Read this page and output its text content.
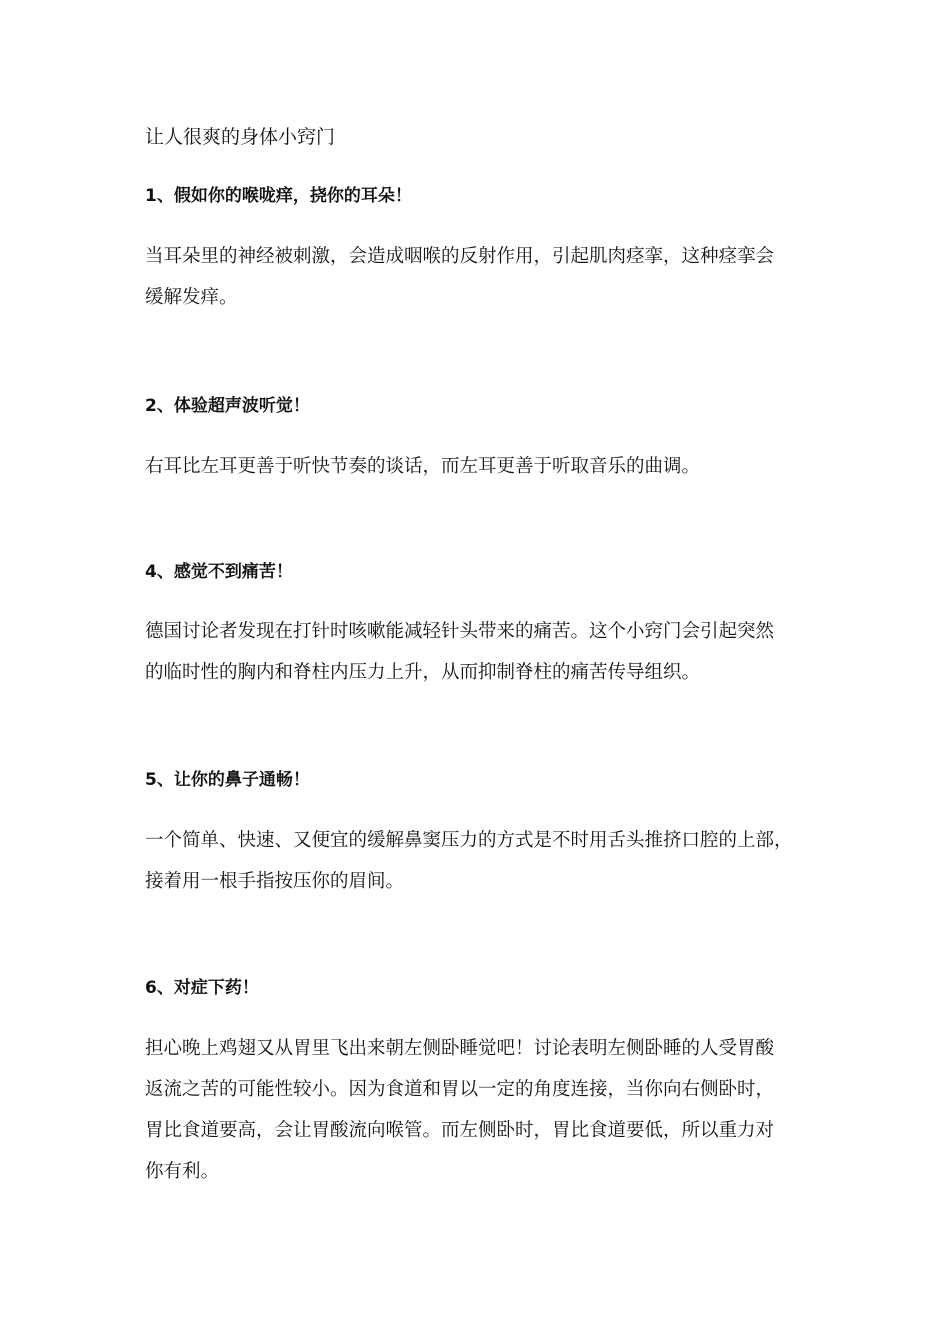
让人很爽的身体小窍门
1、假如你的喉咙痒，挠你的耳朵！
当耳朵里的神经被刺激，会造成咽喉的反射作用，引起肌肉痉挛，这种痉挛会
缓解发痒。
2、体验超声波听觉！
右耳比左耳更善于听快节奏的谈话，而左耳更善于听取音乐的曲调。
4、感觉不到痛苦！
德国讨论者发现在打针时咳嗽能减轻针头带来的痛苦。这个小窍门会引起突然
的临时性的胸内和脊柱内压力上升，从而抑制脊柱的痛苦传导组织。
5、让你的鼻子通畅！
一个简单、快速、又便宜的缓解鼻窦压力的方式是不时用舌头推挤口腔的上部，
接着用一根手指按压你的眉间。
6、对症下药！
担心晚上鸡翅又从胃里飞出来朝左侧卧睡觉吧！讨论表明左侧卧睡的人受胃酸
返流之苦的可能性较小。因为食道和胃以一定的角度连接，当你向右侧卧时，
胃比食道要高，会让胃酸流向喉管。而左侧卧时，胃比食道要低，所以重力对
你有利。
